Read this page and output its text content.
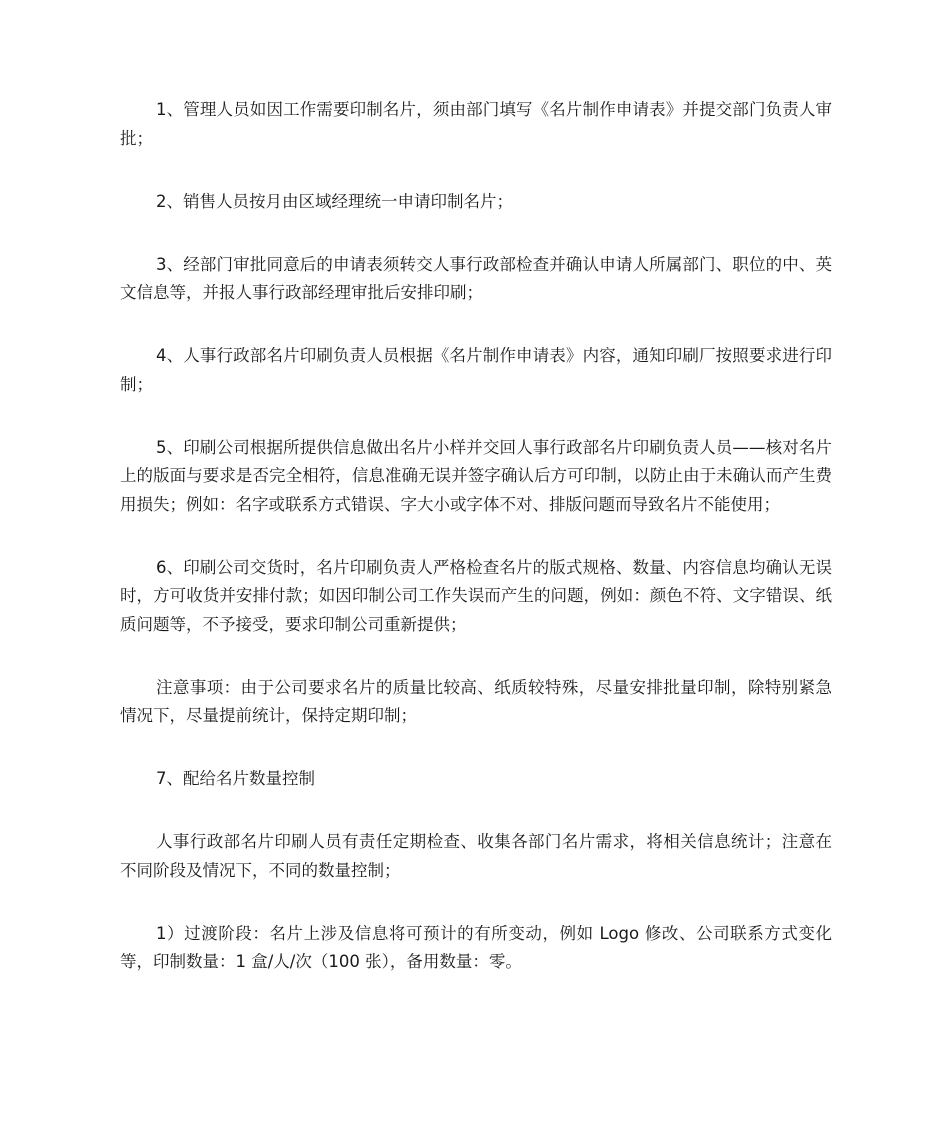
1、管理人员如因工作需要印制名片，须由部门填写《名片制作申请表》并提交部门负责人审批；

2、销售人员按月由区域经理统一申请印制名片；

3、经部门审批同意后的申请表须转交人事行政部检查并确认申请人所属部门、职位的中、英文信息等，并报人事行政部经理审批后安排印刷；

4、人事行政部名片印刷负责人员根据《名片制作申请表》内容，通知印刷厂按照要求进行印制；

5、印刷公司根据所提供信息做出名片小样并交回人事行政部名片印刷负责人员——核对名片上的版面与要求是否完全相符，信息准确无误并签字确认后方可印制，以防止由于未确认而产生费用损失；例如：名字或联系方式错误、字大小或字体不对、排版问题而导致名片不能使用；

6、印刷公司交货时，名片印刷负责人严格检查名片的版式规格、数量、内容信息均确认无误时，方可收货并安排付款；如因印制公司工作失误而产生的问题，例如：颜色不符、文字错误、纸质问题等，不予接受，要求印制公司重新提供；

注意事项：由于公司要求名片的质量比较高、纸质较特殊，尽量安排批量印制，除特别紧急情况下，尽量提前统计，保持定期印制；

7、配给名片数量控制

人事行政部名片印刷人员有责任定期检查、收集各部门名片需求，将相关信息统计；注意在不同阶段及情况下，不同的数量控制；

1）过渡阶段：名片上涉及信息将可预计的有所变动，例如 Logo 修改、公司联系方式变化等，印制数量：1 盒/人/次（100 张），备用数量：零。
